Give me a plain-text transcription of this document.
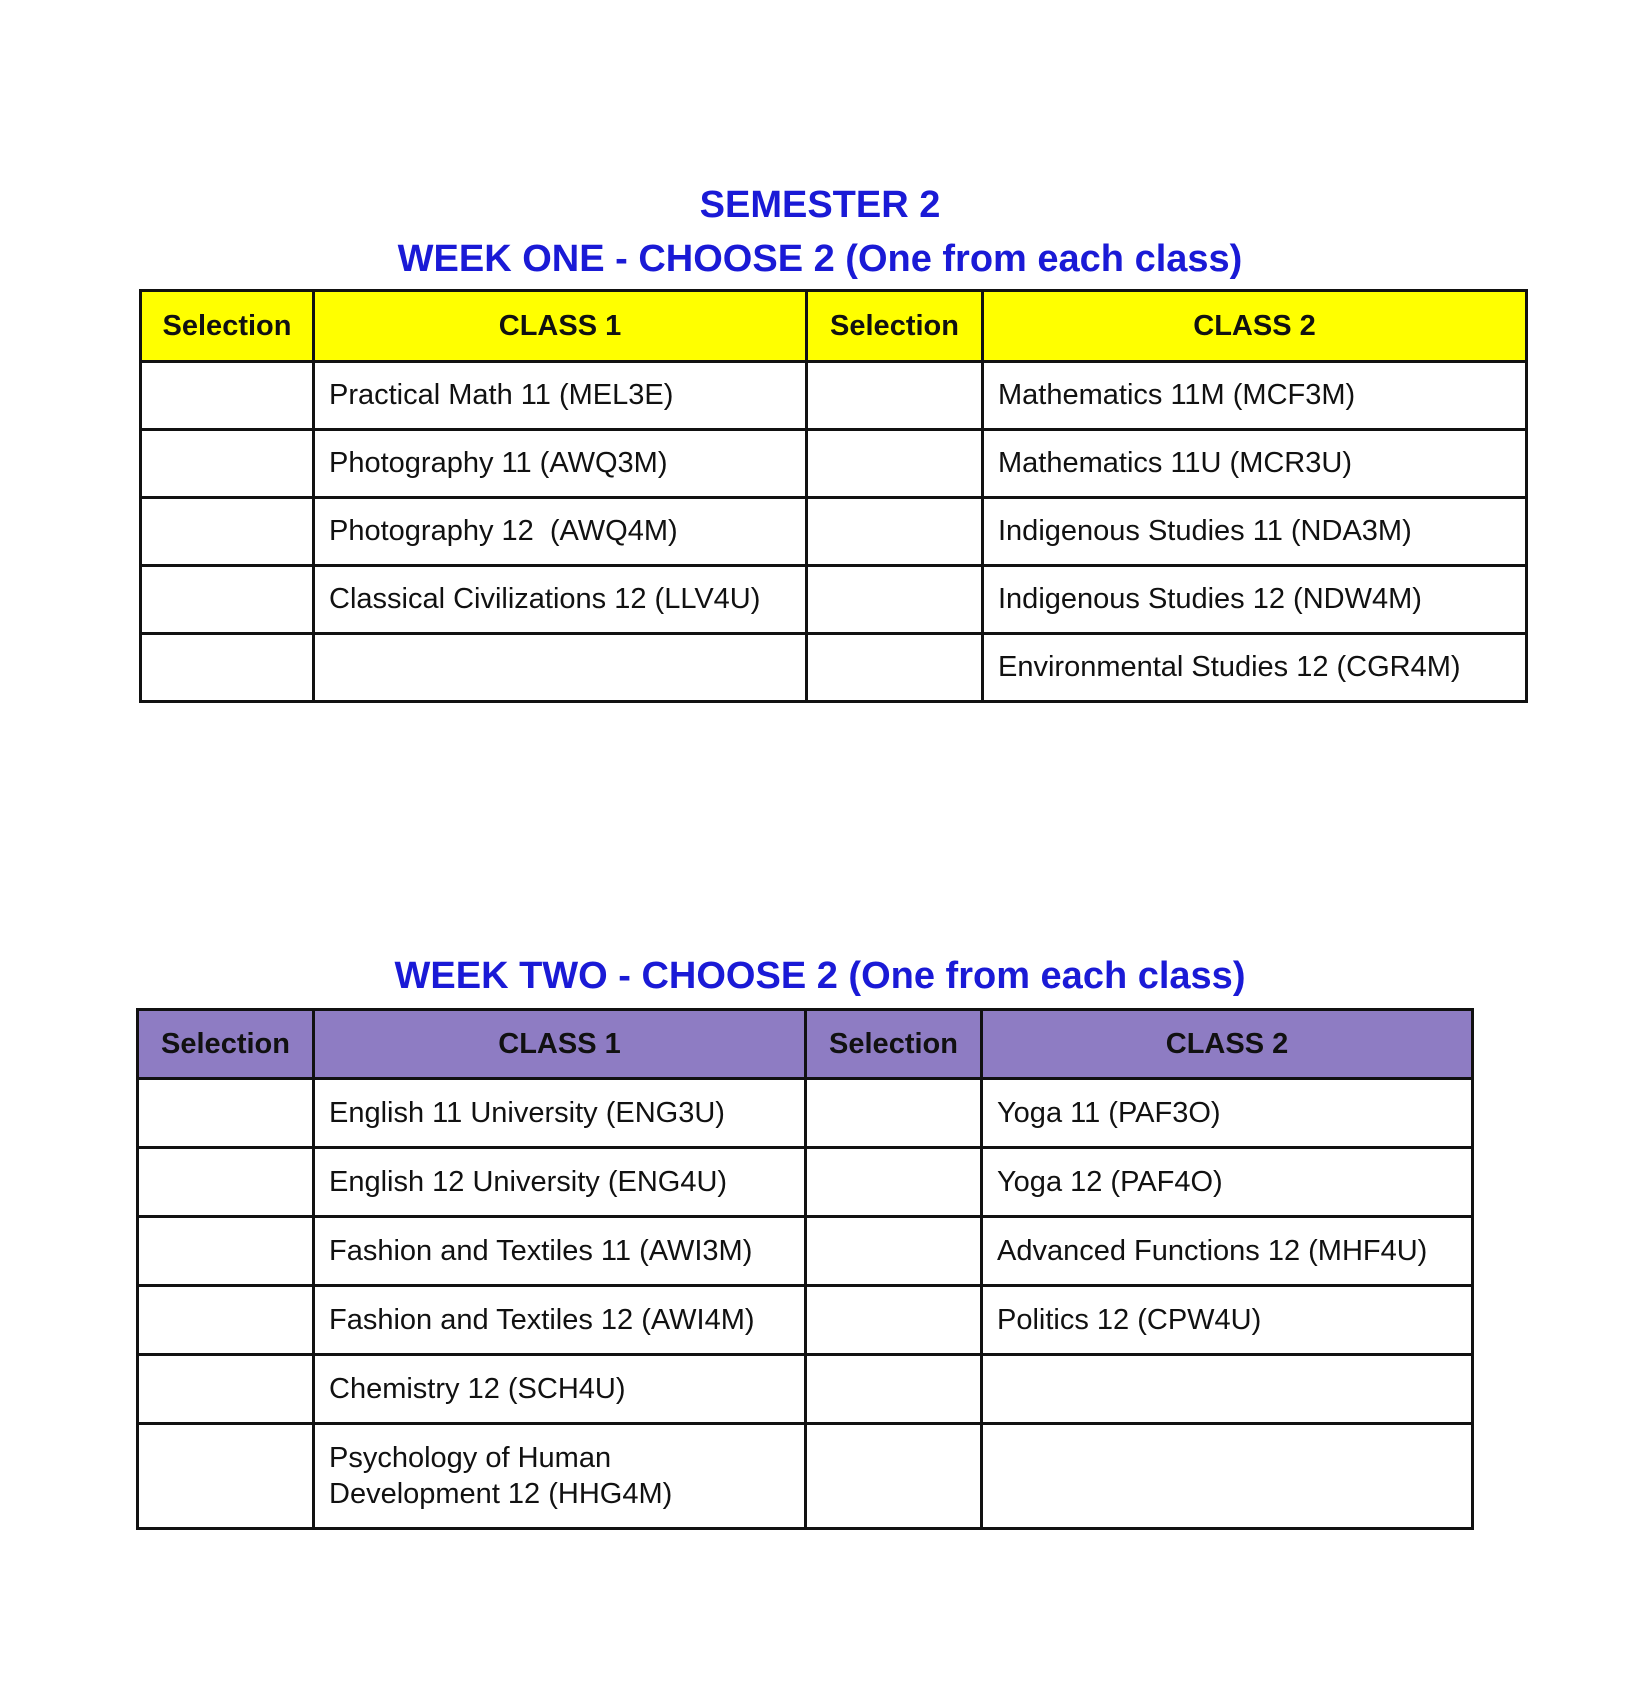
SEMESTER 2
WEEK ONE - CHOOSE 2 (One from each class)
Selection	CLASS 1	Selection	CLASS 2
	Practical Math 11 (MEL3E)		Mathematics 11M (MCF3M)
	Photography 11 (AWQ3M)		Mathematics 11U (MCR3U)
	Photography 12  (AWQ4M)		Indigenous Studies 11 (NDA3M)
	Classical Civilizations 12 (LLV4U)		Indigenous Studies 12 (NDW4M)
			Environmental Studies 12 (CGR4M)
WEEK TWO - CHOOSE 2 (One from each class)
Selection	CLASS 1	Selection	CLASS 2
	English 11 University (ENG3U)		Yoga 11 (PAF3O)
	English 12 University (ENG4U)		Yoga 12 (PAF4O)
	Fashion and Textiles 11 (AWI3M)		Advanced Functions 12 (MHF4U)
	Fashion and Textiles 12 (AWI4M)		Politics 12 (CPW4U)
	Chemistry 12 (SCH4U)		

	Psychology of Human
Development 12 (HHG4M)		
